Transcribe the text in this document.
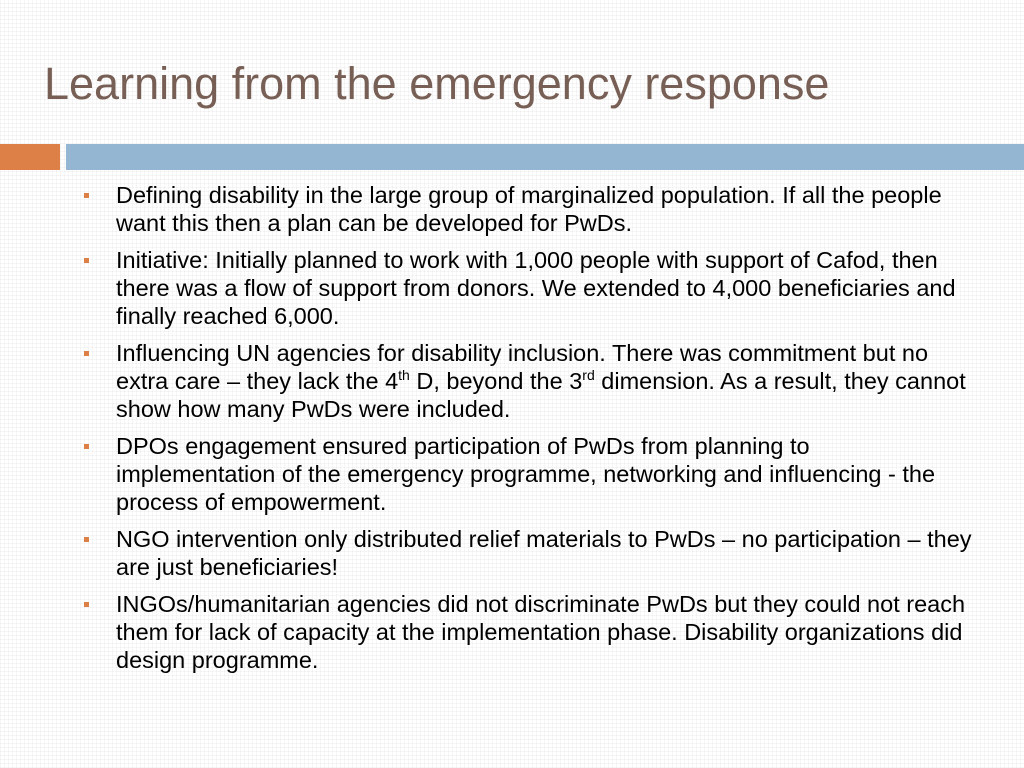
Learning from the emergency response
Defining disability in the large group of marginalized population. If all the people want this then a plan can be developed for PwDs.
Initiative: Initially planned to work with 1,000 people with support of Cafod, then there was a flow of support from donors. We extended to 4,000 beneficiaries and finally reached 6,000.
Influencing UN agencies for disability inclusion. There was commitment but no extra care – they lack the 4th D, beyond the 3rd dimension. As a result, they cannot show how many PwDs were included.
DPOs engagement ensured participation of PwDs from planning to implementation of the emergency programme, networking and influencing - the process of empowerment.
NGO intervention only distributed relief materials to PwDs – no participation – they are just beneficiaries!
INGOs/humanitarian agencies did not discriminate PwDs but they could not reach them for lack of capacity at the implementation phase. Disability organizations did design programme.
